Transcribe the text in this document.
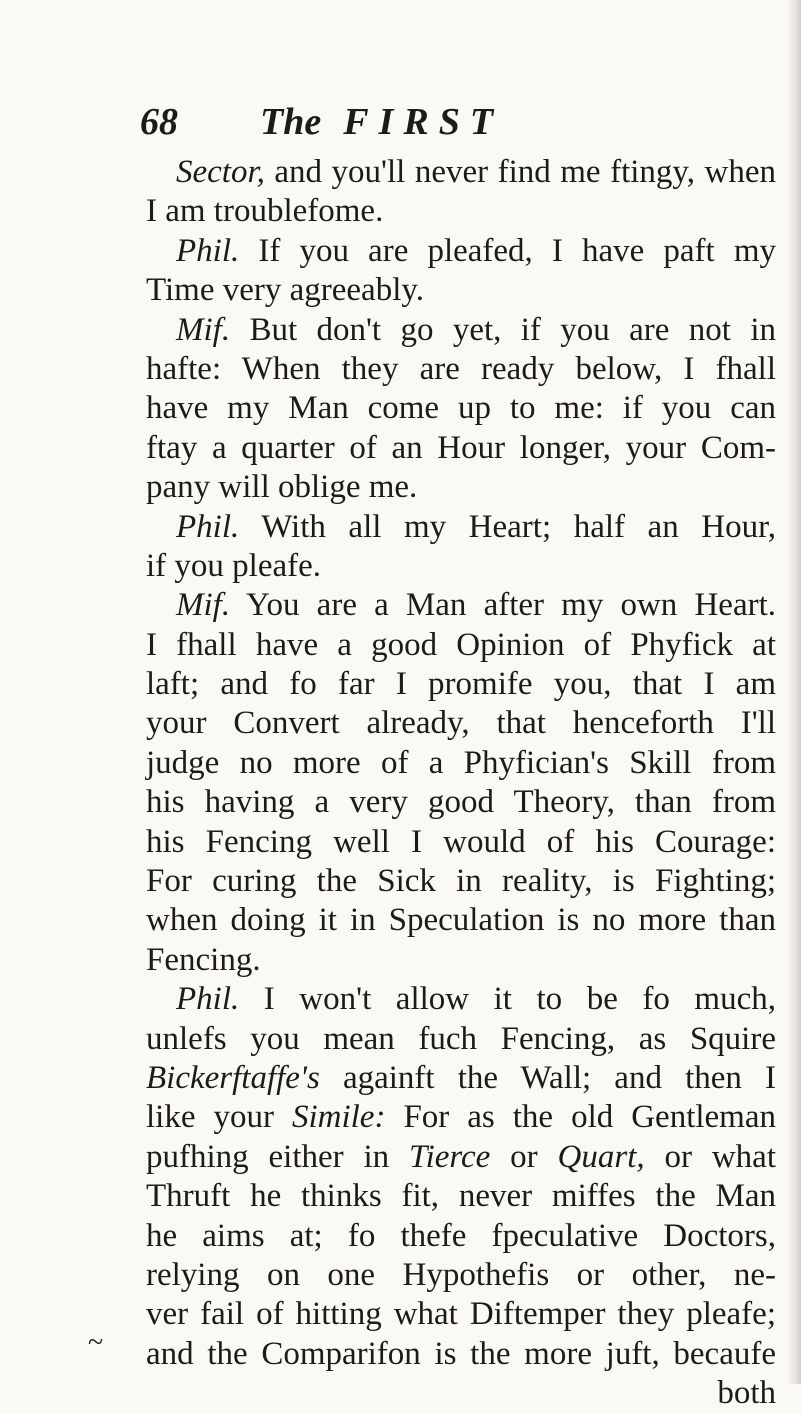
68 The FIRST
Sector, and you'll never find me ftingy, when
I am troublefome.
Phil. If you are pleafed, I have paft my
Time very agreeably.
Mif. But don't go yet, if you are not in
hafte: When they are ready below, I fhall
have my Man come up to me: if you can
ftay a quarter of an Hour longer, your Com-
pany will oblige me.
Phil. With all my Heart; half an Hour,
if you pleafe.
Mif. You are a Man after my own Heart.
I fhall have a good Opinion of Phyfick at
laft; and fo far I promife you, that I am
your Convert already, that henceforth I'll
judge no more of a Phyfician's Skill from
his having a very good Theory, than from
his Fencing well I would of his Courage:
For curing the Sick in reality, is Fighting;
when doing it in Speculation is no more than
Fencing.
Phil. I won't allow it to be fo much,
unlefs you mean fuch Fencing, as Squire
Bickerftaffe's againft the Wall; and then I
like your Simile: For as the old Gentleman
pufhing either in Tierce or Quart, or what
Thruft he thinks fit, never miffes the Man
he aims at; fo thefe fpeculative Doctors,
relying on one Hypothefis or other, ne-
ver fail of hitting what Diftemper they pleafe;
and the Comparifon is the more juft, becaufe
both
~
